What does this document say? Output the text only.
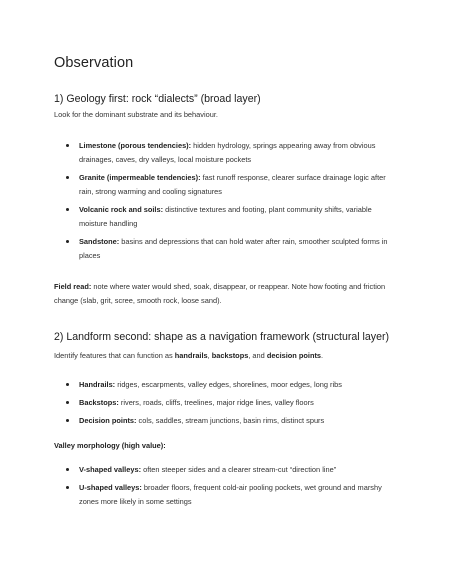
Observation
1) Geology first: rock “dialects” (broad layer)

Look for the dominant substrate and its behaviour.

Limestone (porous tendencies): hidden hydrology, springs appearing away from obvious drainages, caves, dry valleys, local moisture pockets
Granite (impermeable tendencies): fast runoff response, clearer surface drainage logic after rain, strong warming and cooling signatures
Volcanic rock and soils: distinctive textures and footing, plant community shifts, variable moisture handling
Sandstone: basins and depressions that can hold water after rain, smoother sculpted forms in places

Field read: note where water would shed, soak, disappear, or reappear. Note how footing and friction change (slab, grit, scree, smooth rock, loose sand).

2) Landform second: shape as a navigation framework (structural layer)

Identify features that can function as handrails, backstops, and decision points.

Handrails: ridges, escarpments, valley edges, shorelines, moor edges, long ribs
Backstops: rivers, roads, cliffs, treelines, major ridge lines, valley floors
Decision points: cols, saddles, stream junctions, basin rims, distinct spurs

Valley morphology (high value):

V-shaped valleys: often steeper sides and a clearer stream-cut “direction line”
U-shaped valleys: broader floors, frequent cold-air pooling pockets, wet ground and marshy zones more likely in some settings
